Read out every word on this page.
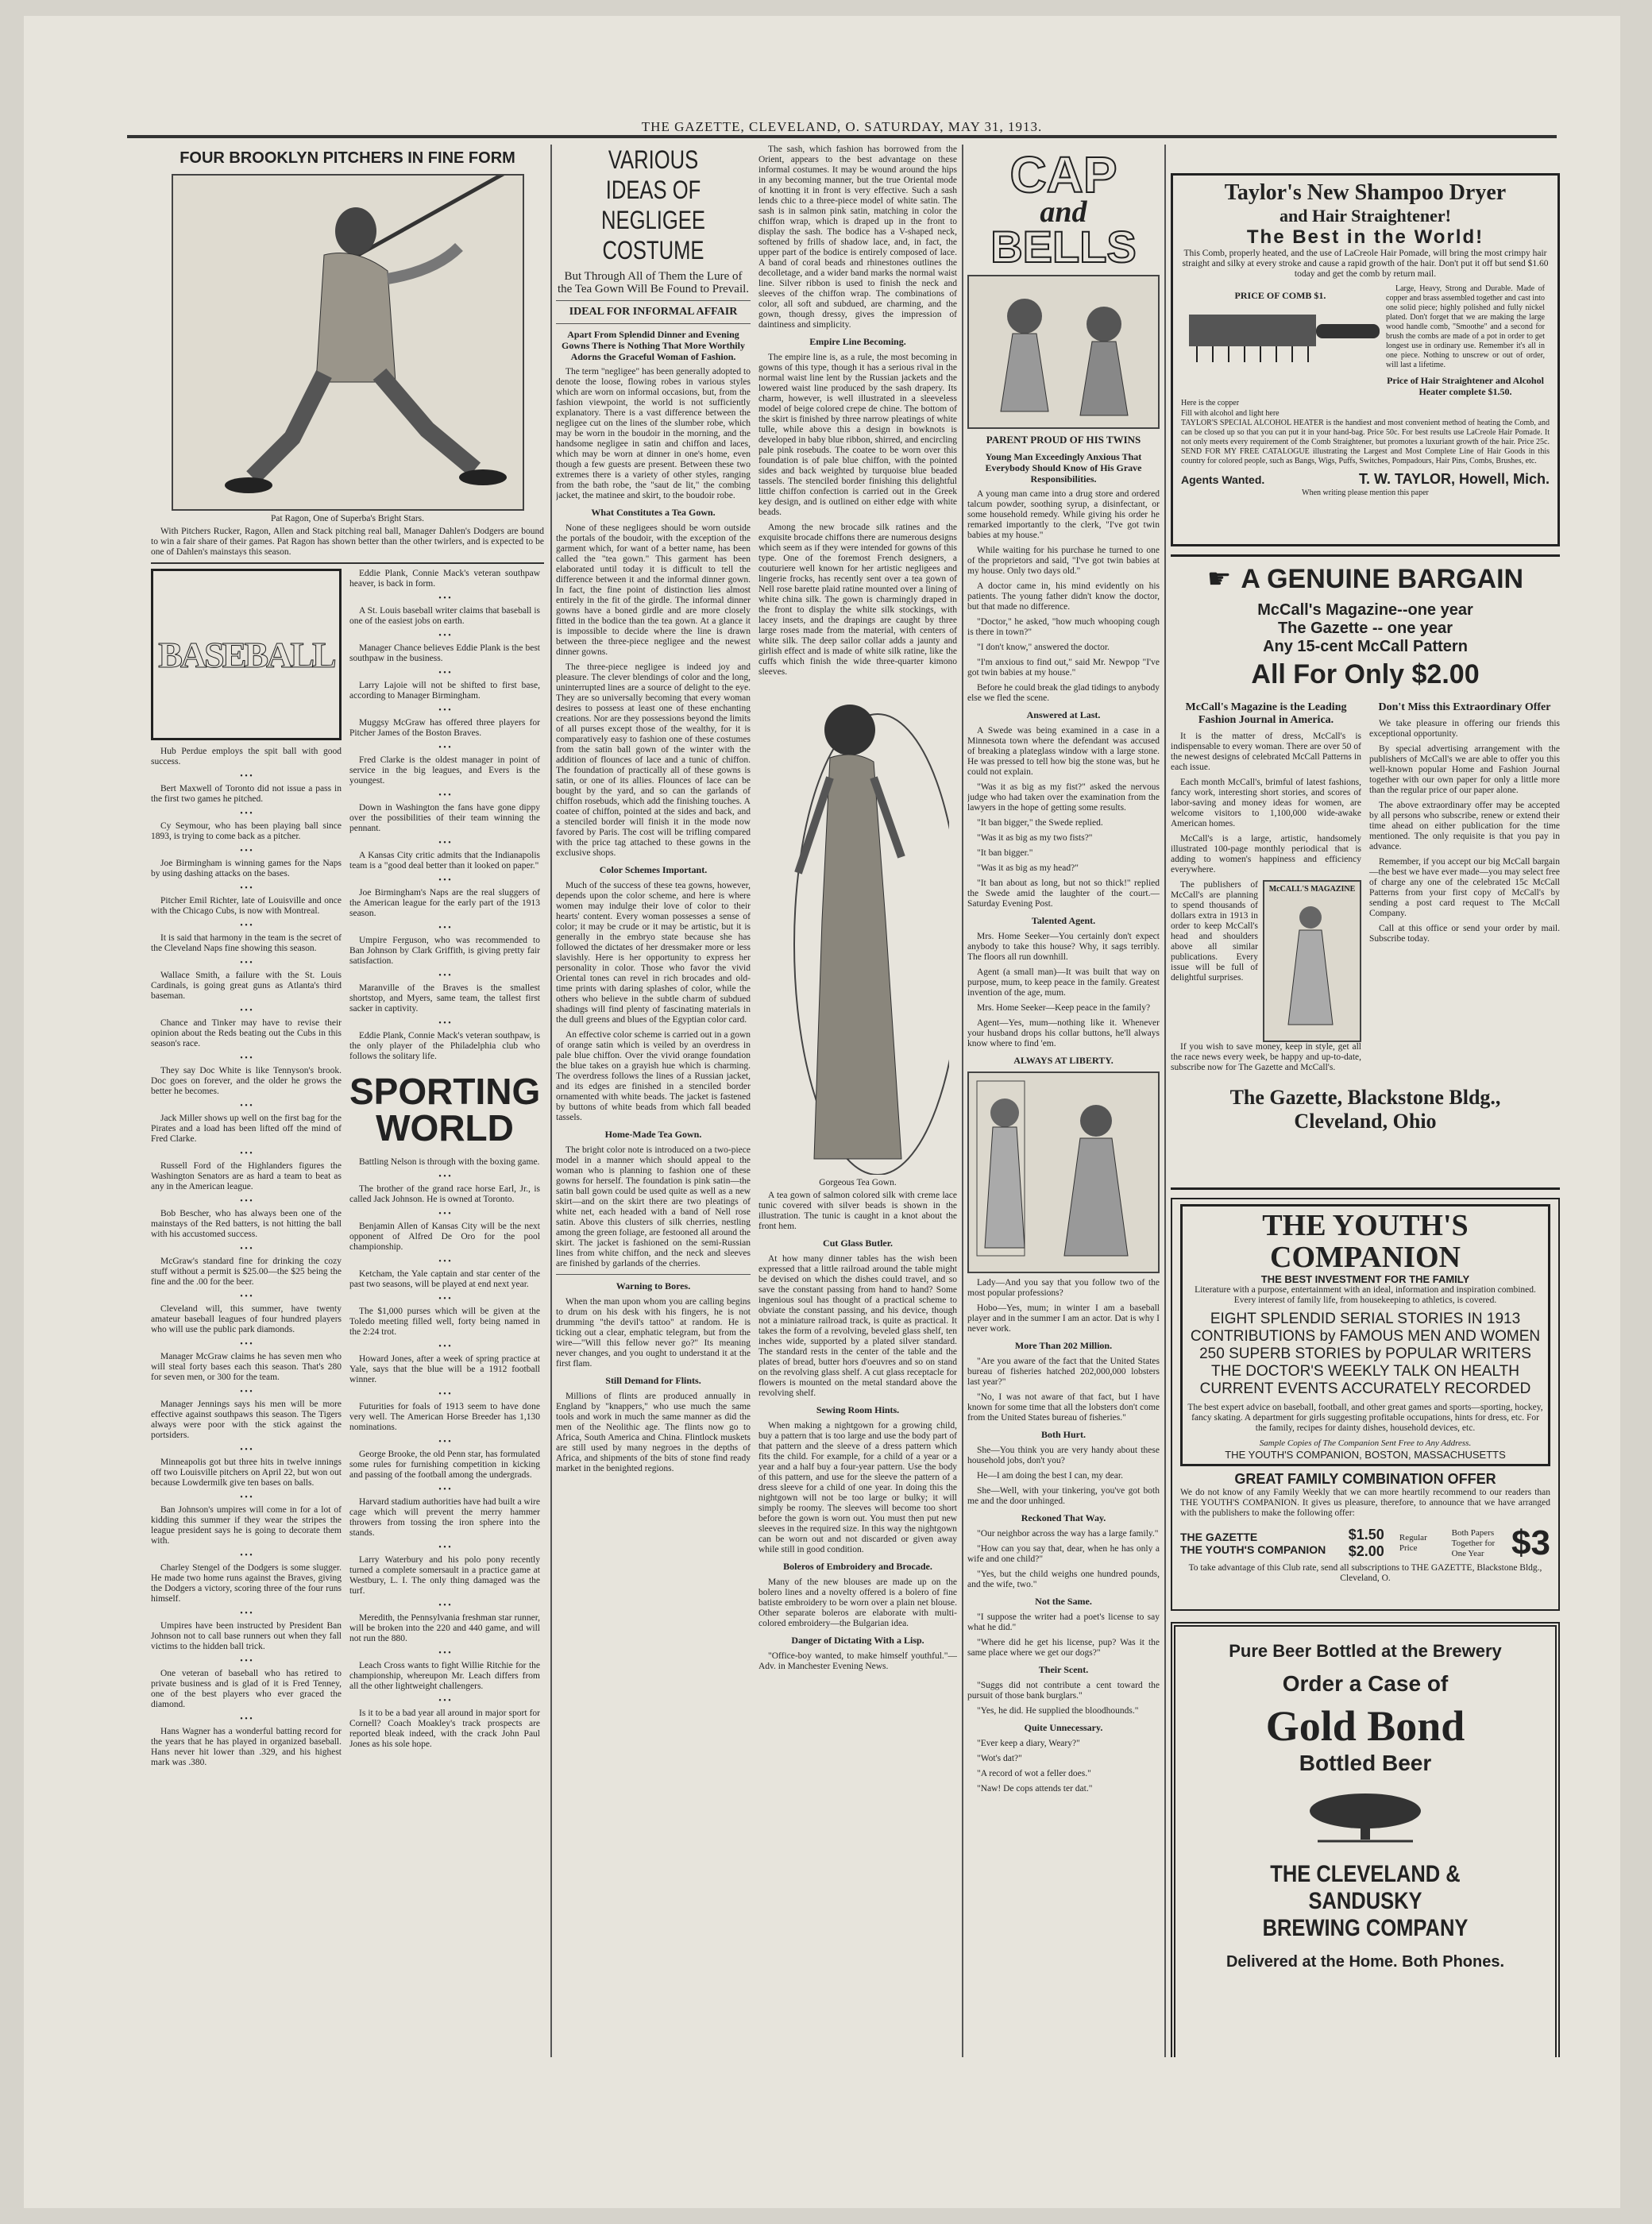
THE GAZETTE, CLEVELAND, O. SATURDAY, MAY 31, 1913.
FOUR BROOKLYN PITCHERS IN FINE FORM
Pat Ragon, One of Superba's Bright Stars.

With Pitchers Rucker, Ragon, Allen and Stack pitching real ball, Manager Dahlen's Dodgers are bound to win a fair share of their games. Pat Ragon has shown better than the other twirlers, and is expected to be one of Dahlen's mainstays this season.

BASEBALL

Hub Perdue employs the spit ball with good success.

• • •

Bert Maxwell of Toronto did not issue a pass in the first two games he pitched.

• • •

Cy Seymour, who has been playing ball since 1893, is trying to come back as a pitcher.

• • •

Joe Birmingham is winning games for the Naps by using dashing attacks on the bases.

• • •

Pitcher Emil Richter, late of Louisville and once with the Chicago Cubs, is now with Montreal.

• • •

It is said that harmony in the team is the secret of the Cleveland Naps fine showing this season.

• • •

Wallace Smith, a failure with the St. Louis Cardinals, is going great guns as Atlanta's third baseman.

• • •

Chance and Tinker may have to revise their opinion about the Reds beating out the Cubs in this season's race.

• • •

They say Doc White is like Tennyson's brook. Doc goes on forever, and the older he grows the better he becomes.

• • •

Jack Miller shows up well on the first bag for the Pirates and a load has been lifted off the mind of Fred Clarke.

• • •

Russell Ford of the Highlanders figures the Washington Senators are as hard a team to beat as any in the American league.

• • •

Bob Bescher, who has always been one of the mainstays of the Red batters, is not hitting the ball with his accustomed success.

• • •

McGraw's standard fine for drinking the cozy stuff without a permit is $25.00—the $25 being the fine and the .00 for the beer.

• • •

Cleveland will, this summer, have twenty amateur baseball leagues of four hundred players who will use the public park diamonds.

• • •

Manager McGraw claims he has seven men who will steal forty bases each this season. That's 280 for seven men, or 300 for the team.

• • •

Manager Jennings says his men will be more effective against southpaws this season. The Tigers always were poor with the stick against the portsiders.

• • •

Minneapolis got but three hits in twelve innings off two Louisville pitchers on April 22, but won out because Lowdermilk give ten bases on balls.

• • •

Ban Johnson's umpires will come in for a lot of kidding this summer if they wear the stripes the league president says he is going to decorate them with.

• • •

Charley Stengel of the Dodgers is some slugger. He made two home runs against the Braves, giving the Dodgers a victory, scoring three of the four runs himself.

• • •

Umpires have been instructed by President Ban Johnson not to call base runners out when they fall victims to the hidden ball trick.

• • •

One veteran of baseball who has retired to private business and is glad of it is Fred Tenney, one of the best players who ever graced the diamond.

• • •

Hans Wagner has a wonderful batting record for the years that he has played in organized baseball. Hans never hit lower than .329, and his highest mark was .380.

Eddie Plank, Connie Mack's veteran southpaw heaver, is back in form.

• • •

A St. Louis baseball writer claims that baseball is one of the easiest jobs on earth.

• • •

Manager Chance believes Eddie Plank is the best southpaw in the business.

• • •

Larry Lajoie will not be shifted to first base, according to Manager Birmingham.

• • •

Muggsy McGraw has offered three players for Pitcher James of the Boston Braves.

• • •

Fred Clarke is the oldest manager in point of service in the big leagues, and Evers is the youngest.

• • •

Down in Washington the fans have gone dippy over the possibilities of their team winning the pennant.

• • •

A Kansas City critic admits that the Indianapolis team is a "good deal better than it looked on paper."

• • •

Joe Birmingham's Naps are the real sluggers of the American league for the early part of the 1913 season.

• • •

Umpire Ferguson, who was recommended to Ban Johnson by Clark Griffith, is giving pretty fair satisfaction.

• • •

Maranville of the Braves is the smallest shortstop, and Myers, same team, the tallest first sacker in captivity.

• • •

Eddie Plank, Connie Mack's veteran southpaw, is the only player of the Philadelphia club who follows the solitary life.

SPORTING WORLD

Battling Nelson is through with the boxing game.

• • •

The brother of the grand race horse Earl, Jr., is called Jack Johnson. He is owned at Toronto.

• • •

Benjamin Allen of Kansas City will be the next opponent of Alfred De Oro for the pool championship.

• • •

Ketcham, the Yale captain and star center of the past two seasons, will be played at end next year.

• • •

The $1,000 purses which will be given at the Toledo meeting filled well, forty being named in the 2:24 trot.

• • •

Howard Jones, after a week of spring practice at Yale, says that the blue will be a 1912 football winner.

• • •

Futurities for foals of 1913 seem to have done very well. The American Horse Breeder has 1,130 nominations.

• • •

George Brooke, the old Penn star, has formulated some rules for furnishing competition in kicking and passing of the football among the undergrads.

• • •

Harvard stadium authorities have had built a wire cage which will prevent the merry hammer throwers from tossing the iron sphere into the stands.

• • •

Larry Waterbury and his polo pony recently turned a complete somersault in a practice game at Westbury, L. I. The only thing damaged was the turf.

• • •

Meredith, the Pennsylvania freshman star runner, will be broken into the 220 and 440 game, and will not run the 880.

• • •

Leach Cross wants to fight Willie Ritchie for the championship, whereupon Mr. Leach differs from all the other lightweight challengers.

• • •

Is it to be a bad year all around in major sport for Cornell? Coach Moakley's track prospects are reported bleak indeed, with the crack John Paul Jones as his sole hope.

VARIOUS IDEAS OF NEGLIGEE COSTUME
But Through All of Them the Lure of the Tea Gown Will Be Found to Prevail.
IDEAL FOR INFORMAL AFFAIR
Apart From Splendid Dinner and Evening Gowns There is Nothing That More Worthily Adorns the Graceful Woman of Fashion.

The term "negligee" has been generally adopted to denote the loose, flowing robes in various styles which are worn on informal occasions, but, from the fashion viewpoint, the world is not sufficiently explanatory. There is a vast difference between the negligee cut on the lines of the slumber robe, which may be worn in the boudoir in the morning, and the handsome negligee in satin and chiffon and laces, which may be worn at dinner in one's home, even though a few guests are present. Between these two extremes there is a variety of other styles, ranging from the bath robe, the "saut de lit," the combing jacket, the matinee and skirt, to the boudoir robe.

What Constitutes a Tea Gown.

None of these negligees should be worn outside the portals of the boudoir, with the exception of the garment which, for want of a better name, has been called the "tea gown." This garment has been elaborated until today it is difficult to tell the difference between it and the informal dinner gown. In fact, the fine point of distinction lies almost entirely in the fit of the girdle. The informal dinner gowns have a boned girdle and are more closely fitted in the bodice than the tea gown. At a glance it is impossible to decide where the line is drawn between the three-piece negligee and the newest dinner gowns.

The three-piece negligee is indeed joy and pleasure. The clever blendings of color and the long, uninterrupted lines are a source of delight to the eye. They are so universally becoming that every woman desires to possess at least one of these enchanting creations. Nor are they possessions beyond the limits of all purses except those of the wealthy, for it is comparatively easy to fashion one of these costumes from the satin ball gown of the winter with the addition of flounces of lace and a tunic of chiffon. The foundation of practically all of these gowns is satin, or one of its allies. Flounces of lace can be bought by the yard, and so can the garlands of chiffon rosebuds, which add the finishing touches. A coatee of chiffon, pointed at the sides and back, and a stenciled border will finish it in the mode now favored by Paris. The cost will be trifling compared with the price tag attached to these gowns in the exclusive shops.

Color Schemes Important.

Much of the success of these tea gowns, however, depends upon the color scheme, and here is where women may indulge their love of color to their hearts' content. Every woman possesses a sense of color; it may be crude or it may be artistic, but it is generally in the embryo state because she has followed the dictates of her dressmaker more or less slavishly. Here is her opportunity to express her personality in color. Those who favor the vivid Oriental tones can revel in rich brocades and old-time prints with daring splashes of color, while the others who believe in the subtle charm of subdued shadings will find plenty of fascinating materials in the dull greens and blues of the Egyptian color card.

An effective color scheme is carried out in a gown of orange satin which is veiled by an overdress in pale blue chiffon. Over the vivid orange foundation the blue takes on a grayish hue which is charming. The overdress follows the lines of a Russian jacket, and its edges are finished in a stenciled border ornamented with white beads. The jacket is fastened by buttons of white beads from which fall beaded tassels.

Home-Made Tea Gown.

The bright color note is introduced on a two-piece model in a manner which should appeal to the woman who is planning to fashion one of these gowns for herself. The foundation is pink satin—the satin ball gown could be used quite as well as a new skirt—and on the skirt there are two pleatings of white net, each headed with a band of Nell rose satin. Above this clusters of silk cherries, nestling among the green foliage, are festooned all around the skirt. The jacket is fashioned on the semi-Russian lines from white chiffon, and the neck and sleeves are finished by garlands of the cherries.

Warning to Bores.

When the man upon whom you are calling begins to drum on his desk with his fingers, he is not drumming "the devil's tattoo" at random. He is ticking out a clear, emphatic telegram, but from the wire—"Will this fellow never go?" Its meaning never changes, and you ought to understand it at the first flam.

Still Demand for Flints.

Millions of flints are produced annually in England by "knappers," who use much the same tools and work in much the same manner as did the men of the Neolithic age. The flints now go to Africa, South America and China. Flintlock muskets are still used by many negroes in the depths of Africa, and shipments of the bits of stone find ready market in the benighted regions.

The sash, which fashion has borrowed from the Orient, appears to the best advantage on these informal costumes. It may be wound around the hips in any becoming manner, but the true Oriental mode of knotting it in front is very effective. Such a sash lends chic to a three-piece model of white satin. The sash is in salmon pink satin, matching in color the chiffon wrap, which is draped up in the front to display the sash. The bodice has a V-shaped neck, softened by frills of shadow lace, and, in fact, the upper part of the bodice is entirely composed of lace. A band of coral beads and rhinestones outlines the decolletage, and a wider band marks the normal waist line. Silver ribbon is used to finish the neck and sleeves of the chiffon wrap. The combinations of color, all soft and subdued, are charming, and the gown, though dressy, gives the impression of daintiness and simplicity.

Empire Line Becoming.

The empire line is, as a rule, the most becoming in gowns of this type, though it has a serious rival in the normal waist line lent by the Russian jackets and the lowered waist line produced by the sash drapery. Its charm, however, is well illustrated in a sleeveless model of beige colored crepe de chine. The bottom of the skirt is finished by three narrow pleatings of white tulle, while above this a design in bowknots is developed in baby blue ribbon, shirred, and encircling pale pink rosebuds. The coatee to be worn over this foundation is of pale blue chiffon, with the pointed sides and back weighted by turquoise blue beaded tassels. The stenciled border finishing this delightful little chiffon confection is carried out in the Greek key design, and is outlined on either edge with white beads.

Among the new brocade silk ratines and the exquisite brocade chiffons there are numerous designs which seem as if they were intended for gowns of this type. One of the foremost French designers, a couturiere well known for her artistic negligees and lingerie frocks, has recently sent over a tea gown of Nell rose barette plaid ratine mounted over a lining of white china silk. The gown is charmingly draped in the front to display the white silk stockings, with lacey insets, and the drapings are caught by three large roses made from the material, with centers of white silk. The deep sailor collar adds a jaunty and girlish effect and is made of white silk ratine, like the cuffs which finish the wide three-quarter kimono sleeves.

Gorgeous Tea Gown.

A tea gown of salmon colored silk with creme lace tunic covered with silver beads is shown in the illustration. The tunic is caught in a knot about the front hem.

Cut Glass Butler.

At how many dinner tables has the wish been expressed that a little railroad around the table might be devised on which the dishes could travel, and so save the constant passing from hand to hand? Some ingenious soul has thought of a practical scheme to obviate the constant passing, and his device, though not a miniature railroad track, is quite as practical. It takes the form of a revolving, beveled glass shelf, ten inches wide, supported by a plated silver standard. The standard rests in the center of the table and the plates of bread, butter hors d'oeuvres and so on stand on the revolving glass shelf. A cut glass receptacle for flowers is mounted on the metal standard above the revolving shelf.

Sewing Room Hints.

When making a nightgown for a growing child, buy a pattern that is too large and use the body part of that pattern and the sleeve of a dress pattern which fits the child. For example, for a child of a year or a year and a half buy a four-year pattern. Use the body of this pattern, and use for the sleeve the pattern of a dress sleeve for a child of one year. In doing this the nightgown will not be too large or bulky; it will simply be roomy. The sleeves will become too short before the gown is worn out. You must then put new sleeves in the required size. In this way the nightgown can be worn out and not discarded or given away while still in good condition.

Boleros of Embroidery and Brocade.

Many of the new blouses are made up on the bolero lines and a novelty offered is a bolero of fine batiste embroidery to be worn over a plain net blouse. Other separate boleros are elaborate with multi-colored embroidery—the Bulgarian idea.

Danger of Dictating With a Lisp.

"Office-boy wanted, to make himself youthful."—Adv. in Manchester Evening News.

CAP
and
BELLS
PARENT PROUD OF HIS TWINS
Young Man Exceedingly Anxious That Everybody Should Know of His Grave Responsibilities.

A young man came into a drug store and ordered talcum powder, soothing syrup, a disinfectant, or some household remedy. While giving his order he remarked importantly to the clerk, "I've got twin babies at my house."

While waiting for his purchase he turned to one of the proprietors and said, "I've got twin babies at my house. Only two days old."

A doctor came in, his mind evidently on his patients. The young father didn't know the doctor, but that made no difference.

"Doctor," he asked, "how much whooping cough is there in town?"

"I don't know," answered the doctor.

"I'm anxious to find out," said Mr. Newpop "I've got twin babies at my house."

Before he could break the glad tidings to anybody else we fled the scene.

Answered at Last.

A Swede was being examined in a case in a Minnesota town where the defendant was accused of breaking a plateglass window with a large stone. He was pressed to tell how big the stone was, but he could not explain.

"Was it as big as my fist?" asked the nervous judge who had taken over the examination from the lawyers in the hope of getting some results.

"It ban bigger," the Swede replied.

"Was it as big as my two fists?"

"It ban bigger."

"Was it as big as my head?"

"It ban about as long, but not so thick!" replied the Swede amid the laughter of the court.—Saturday Evening Post.

Talented Agent.

Mrs. Home Seeker—You certainly don't expect anybody to take this house? Why, it sags terribly. The floors all run downhill.

Agent (a small man)—It was built that way on purpose, mum, to keep peace in the family. Greatest invention of the age, mum.

Mrs. Home Seeker—Keep peace in the family?

Agent—Yes, mum—nothing like it. Whenever your husband drops his collar buttons, he'll always know where to find 'em.

ALWAYS AT LIBERTY.

Lady—And you say that you follow two of the most popular professions?

Hobo—Yes, mum; in winter I am a baseball player and in the summer I am an actor. Dat is why I never work.

More Than 202 Million.

"Are you aware of the fact that the United States bureau of fisheries hatched 202,000,000 lobsters last year?"

"No, I was not aware of that fact, but I have known for some time that all the lobsters don't come from the United States bureau of fisheries."

Both Hurt.

She—You think you are very handy about these household jobs, don't you?

He—I am doing the best I can, my dear.

She—Well, with your tinkering, you've got both me and the door unhinged.

Reckoned That Way.

"Our neighbor across the way has a large family."

"How can you say that, dear, when he has only a wife and one child?"

"Yes, but the child weighs one hundred pounds, and the wife, two."

Not the Same.

"I suppose the writer had a poet's license to say what he did."

"Where did he get his license, pup? Was it the same place where we get our dogs?"

Their Scent.

"Suggs did not contribute a cent toward the pursuit of those bank burglars."

"Yes, he did. He supplied the bloodhounds."

Quite Unnecessary.

"Ever keep a diary, Weary?"

"Wot's dat?"

"A record of wot a feller does."

"Naw! De cops attends ter dat."

Taylor's New Shampoo Dryer
and Hair Straightener!
The Best in the World!

This Comb, properly heated, and the use of LaCreole Hair Pomade, will bring the most crimpy hair straight and silky at every stroke and cause a rapid growth of the hair. Don't put it off but send $1.60 today and get the comb by return mail.

PRICE OF COMB $1.
Here is the copper
Fill with alcohol and light here

Large, Heavy, Strong and Durable. Made of copper and brass assembled together and cast into one solid piece; highly polished and fully nickel plated. Don't forget that we are making the large wood handle comb, "Smoothe" and a second for brush the combs are made of a pot in order to get longest use in ordinary use. Remember it's all in one piece. Nothing to unscrew or out of order, will last a lifetime.

Price of Hair Straightener and Alcohol Heater complete $1.50.

TAYLOR'S SPECIAL ALCOHOL HEATER is the handiest and most convenient method of heating the Comb, and can be closed up so that you can put it in your hand-bag. Price 50c. For best results use LaCreole Hair Pomade. It not only meets every requirement of the Comb Straightener, but promotes a luxuriant growth of the hair. Price 25c. SEND FOR MY FREE CATALOGUE illustrating the Largest and Most Complete Line of Hair Goods in this country for colored people, such as Bangs, Wigs, Puffs, Switches, Pompadours, Hair Pins, Combs, Brushes, etc.

Agents Wanted.	T. W. TAYLOR, Howell, Mich.
When writing please mention this paper
☛ A GENUINE BARGAIN
McCall's Magazine--one year
The Gazette -- one year
Any 15-cent McCall Pattern
All For Only $2.00
McCall's Magazine is the Leading Fashion Journal in America.

It is the matter of dress, McCall's is indispensable to every woman. There are over 50 of the newest designs of celebrated McCall Patterns in each issue.

Each month McCall's, brimful of latest fashions, fancy work, interesting short stories, and scores of labor-saving and money ideas for women, are welcome visitors to 1,100,000 wide-awake American homes.

McCall's is a large, artistic, handsomely illustrated 100-page monthly periodical that is adding to women's happiness and efficiency everywhere.

The publishers of McCall's are planning to spend thousands of dollars extra in 1913 in order to keep McCall's head and shoulders above all similar publications. Every issue will be full of delightful surprises.

McCALL'S MAGAZINE

If you wish to save money, keep in style, get all the race news every week, be happy and up-to-date, subscribe now for The Gazette and McCall's.

Don't Miss this Extraordinary Offer

We take pleasure in offering our friends this exceptional opportunity.

By special advertising arrangement with the publishers of McCall's we are able to offer you this well-known popular Home and Fashion Journal together with our own paper for only a little more than the regular price of our paper alone.

The above extraordinary offer may be accepted by all persons who subscribe, renew or extend their time ahead on either publication for the time mentioned. The only requisite is that you pay in advance.

Remember, if you accept our big McCall bargain—the best we have ever made—you may select free of charge any one of the celebrated 15c McCall Patterns from your first copy of McCall's by sending a post card request to The McCall Company.

Call at this office or send your order by mail. Subscribe today.

The Gazette, Blackstone Bldg.,
Cleveland, Ohio
THE YOUTH'S COMPANION
THE BEST INVESTMENT FOR THE FAMILY

Literature with a purpose, entertainment with an ideal, information and inspiration combined. Every interest of family life, from housekeeping to athletics, is covered.

EIGHT SPLENDID SERIAL STORIES IN 1913
CONTRIBUTIONS by FAMOUS MEN AND WOMEN
250 SUPERB STORIES by POPULAR WRITERS
THE DOCTOR'S WEEKLY TALK ON HEALTH
CURRENT EVENTS ACCURATELY RECORDED

The best expert advice on baseball, football, and other great games and sports—sporting, hockey, fancy skating. A department for girls suggesting profitable occupations, hints for dress, etc. For the family, recipes for dainty dishes, household devices, etc.

Sample Copies of The Companion Sent Free to Any Address.
THE YOUTH'S COMPANION, BOSTON, MASSACHUSETTS
GREAT FAMILY COMBINATION OFFER

We do not know of any Family Weekly that we can more heartily recommend to our readers than THE YOUTH'S COMPANION. It gives us pleasure, therefore, to announce that we have arranged with the publishers to make the following offer:

THE GAZETTE
THE YOUTH'S COMPANION
$1.50
$2.00
Regular Price
Both Papers Together for One Year $3

To take advantage of this Club rate, send all subscriptions to THE GAZETTE, Blackstone Bldg., Cleveland, O.

Pure Beer Bottled at the Brewery
Order a Case of
Gold Bond
Bottled Beer
THE CLEVELAND & SANDUSKY
BREWING COMPANY
Delivered at the Home. Both Phones.
